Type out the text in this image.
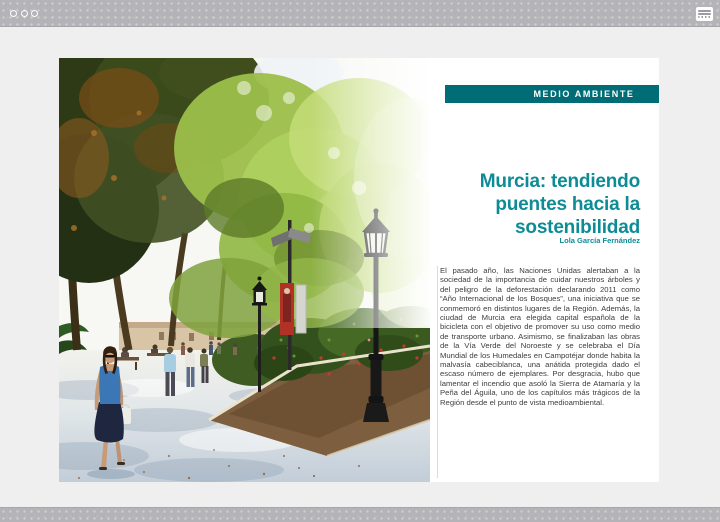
MEDIO AMBIENTE
Murcia: tendiendo puentes hacia la sostenibilidad
Lola García Fernández

El pasado año, las Naciones Unidas alertaban a la sociedad de la importancia de cuidar nuestros árboles y del peligro de la deforestación declarando 2011 como “Año Internacional de los Bosques”, una iniciativa que se conmemoró en distintos lugares de la Región. Además, la ciudad de Murcia era elegida capital española de la bicicleta con el objetivo de promover su uso como medio de transporte urbano. Asimismo, se finalizaban las obras de la Vía Verde del Noroeste y se celebraba el Día Mundial de los Humedales en Campotéjar donde habita la malvasía cabeciblanca, una anátida protegida dado el escaso número de ejemplares. Por desgracia, hubo que lamentar el incendio que asoló la Sierra de Atamaría y la Peña del Águila, uno de los capítulos más trágicos de la Región desde el punto de vista medioambiental.
